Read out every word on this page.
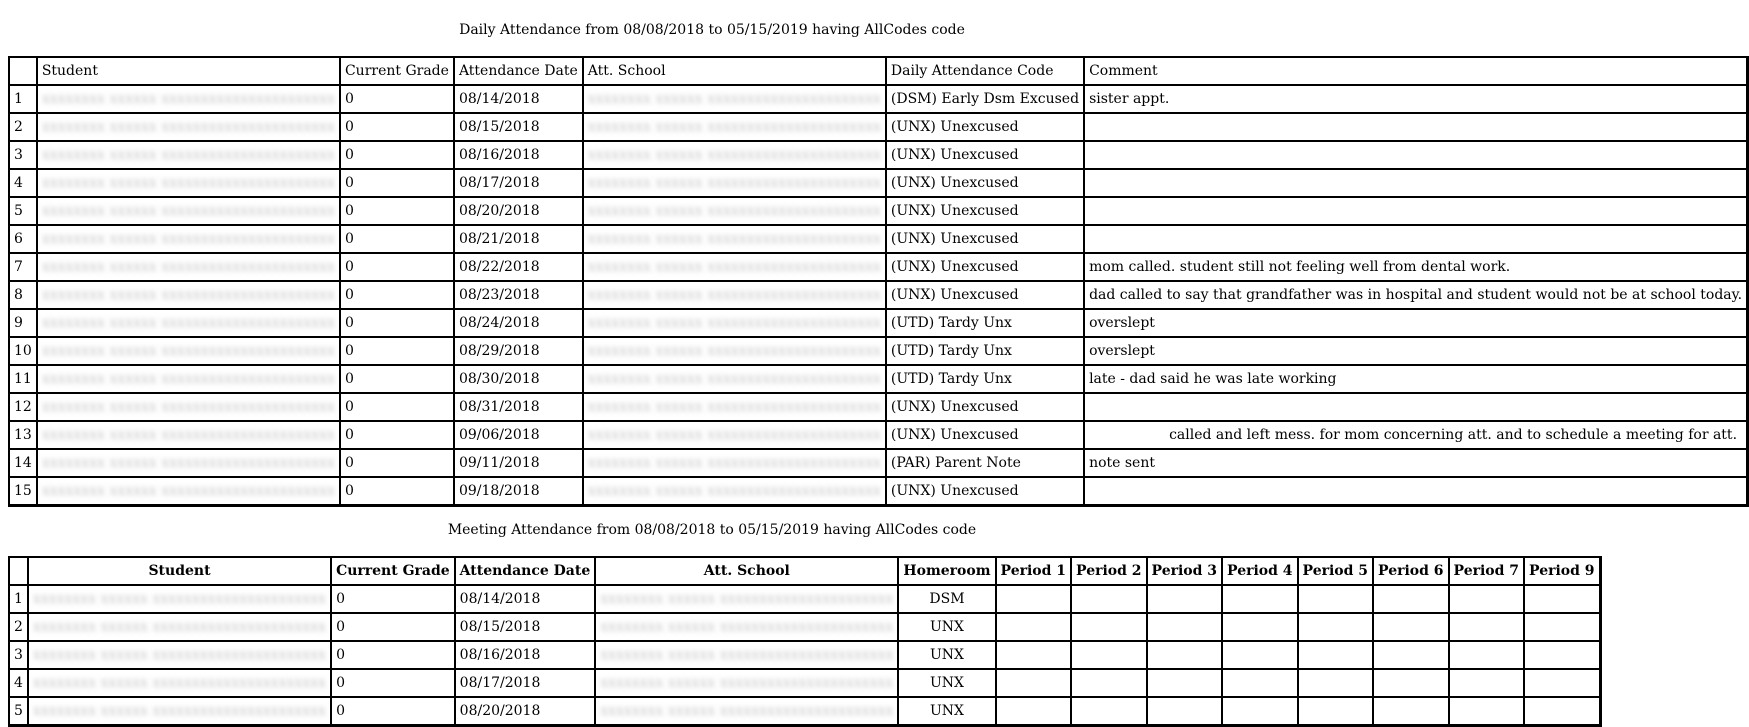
Daily Attendance from 08/08/2018 to 05/15/2019 having AllCodes code
	Student	Current Grade	Attendance Date	Att. School	Daily Attendance Code	Comment
1	xxxxxxxx xxxxxx xxxxxxxxxxxxxxxxxxxxxx	0	08/14/2018	xxxxxxxx xxxxxx xxxxxxxxxxxxxxxxxxxxxx	(DSM) Early Dsm Excused	sister appt.
2	xxxxxxxx xxxxxx xxxxxxxxxxxxxxxxxxxxxx	0	08/15/2018	xxxxxxxx xxxxxx xxxxxxxxxxxxxxxxxxxxxx	(UNX) Unexcused	
3	xxxxxxxx xxxxxx xxxxxxxxxxxxxxxxxxxxxx	0	08/16/2018	xxxxxxxx xxxxxx xxxxxxxxxxxxxxxxxxxxxx	(UNX) Unexcused	
4	xxxxxxxx xxxxxx xxxxxxxxxxxxxxxxxxxxxx	0	08/17/2018	xxxxxxxx xxxxxx xxxxxxxxxxxxxxxxxxxxxx	(UNX) Unexcused	
5	xxxxxxxx xxxxxx xxxxxxxxxxxxxxxxxxxxxx	0	08/20/2018	xxxxxxxx xxxxxx xxxxxxxxxxxxxxxxxxxxxx	(UNX) Unexcused	
6	xxxxxxxx xxxxxx xxxxxxxxxxxxxxxxxxxxxx	0	08/21/2018	xxxxxxxx xxxxxx xxxxxxxxxxxxxxxxxxxxxx	(UNX) Unexcused	
7	xxxxxxxx xxxxxx xxxxxxxxxxxxxxxxxxxxxx	0	08/22/2018	xxxxxxxx xxxxxx xxxxxxxxxxxxxxxxxxxxxx	(UNX) Unexcused	mom called. student still not feeling well from dental work.
8	xxxxxxxx xxxxxx xxxxxxxxxxxxxxxxxxxxxx	0	08/23/2018	xxxxxxxx xxxxxx xxxxxxxxxxxxxxxxxxxxxx	(UNX) Unexcused	dad called to say that grandfather was in hospital and student would not be at school today.
9	xxxxxxxx xxxxxx xxxxxxxxxxxxxxxxxxxxxx	0	08/24/2018	xxxxxxxx xxxxxx xxxxxxxxxxxxxxxxxxxxxx	(UTD) Tardy Unx	overslept
10	xxxxxxxx xxxxxx xxxxxxxxxxxxxxxxxxxxxx	0	08/29/2018	xxxxxxxx xxxxxx xxxxxxxxxxxxxxxxxxxxxx	(UTD) Tardy Unx	overslept
11	xxxxxxxx xxxxxx xxxxxxxxxxxxxxxxxxxxxx	0	08/30/2018	xxxxxxxx xxxxxx xxxxxxxxxxxxxxxxxxxxxx	(UTD) Tardy Unx	late - dad said he was late working
12	xxxxxxxx xxxxxx xxxxxxxxxxxxxxxxxxxxxx	0	08/31/2018	xxxxxxxx xxxxxx xxxxxxxxxxxxxxxxxxxxxx	(UNX) Unexcused	
13	xxxxxxxx xxxxxx xxxxxxxxxxxxxxxxxxxxxx	0	09/06/2018	xxxxxxxx xxxxxx xxxxxxxxxxxxxxxxxxxxxx	(UNX) Unexcused	called and left mess. for mom concerning att. and to schedule a meeting for att.
14	xxxxxxxx xxxxxx xxxxxxxxxxxxxxxxxxxxxx	0	09/11/2018	xxxxxxxx xxxxxx xxxxxxxxxxxxxxxxxxxxxx	(PAR) Parent Note	note sent
15	xxxxxxxx xxxxxx xxxxxxxxxxxxxxxxxxxxxx	0	09/18/2018	xxxxxxxx xxxxxx xxxxxxxxxxxxxxxxxxxxxx	(UNX) Unexcused	
Meeting Attendance from 08/08/2018 to 05/15/2019 having AllCodes code
	Student	Current Grade	Attendance Date	Att. School	Homeroom	Period 1	Period 2	Period 3	Period 4	Period 5	Period 6	Period 7	Period 9
1	xxxxxxxx xxxxxx xxxxxxxxxxxxxxxxxxxxxx	0	08/14/2018	xxxxxxxx xxxxxx xxxxxxxxxxxxxxxxxxxxxx	DSM								
2	xxxxxxxx xxxxxx xxxxxxxxxxxxxxxxxxxxxx	0	08/15/2018	xxxxxxxx xxxxxx xxxxxxxxxxxxxxxxxxxxxx	UNX								
3	xxxxxxxx xxxxxx xxxxxxxxxxxxxxxxxxxxxx	0	08/16/2018	xxxxxxxx xxxxxx xxxxxxxxxxxxxxxxxxxxxx	UNX								
4	xxxxxxxx xxxxxx xxxxxxxxxxxxxxxxxxxxxx	0	08/17/2018	xxxxxxxx xxxxxx xxxxxxxxxxxxxxxxxxxxxx	UNX								
5	xxxxxxxx xxxxxx xxxxxxxxxxxxxxxxxxxxxx	0	08/20/2018	xxxxxxxx xxxxxx xxxxxxxxxxxxxxxxxxxxxx	UNX								
